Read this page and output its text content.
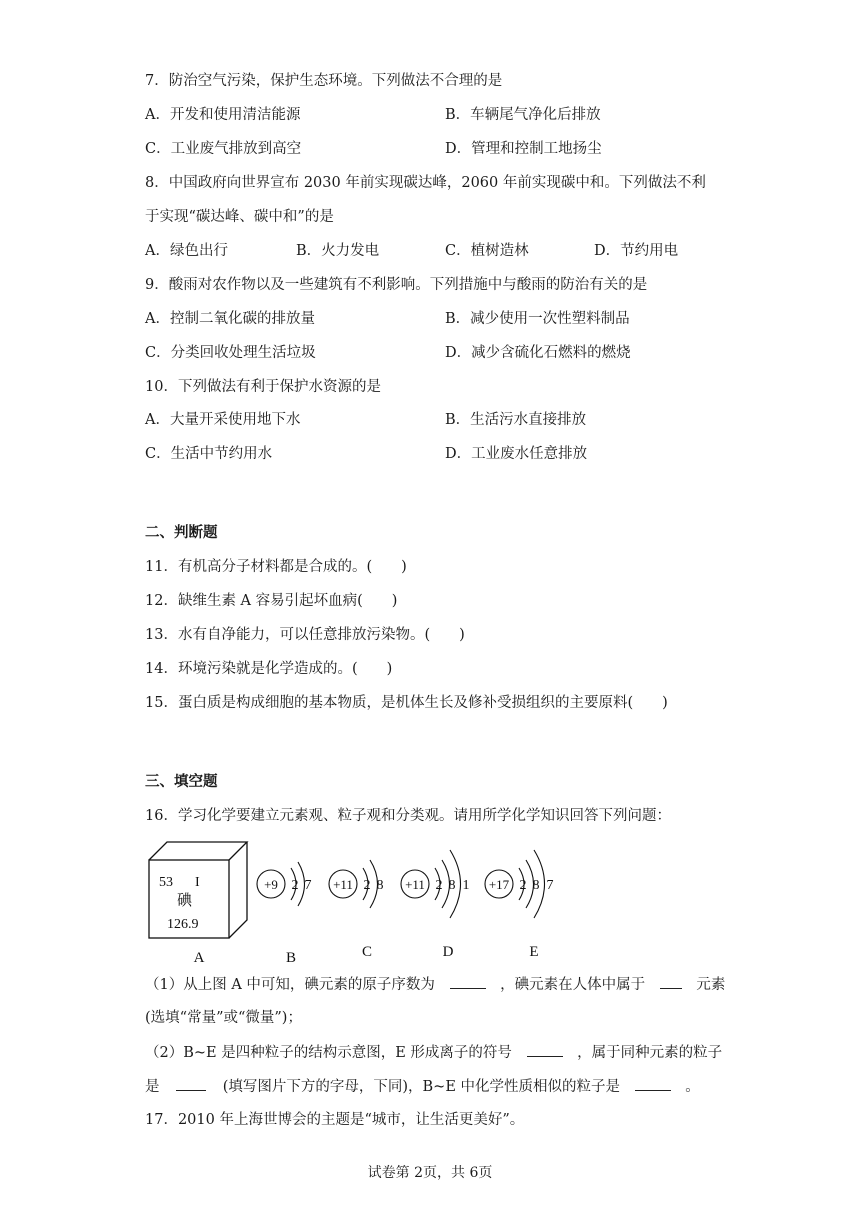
7．防治空气污染，保护生态环境。下列做法不合理的是
A．开发和使用清洁能源	B．车辆尾气净化后排放
C．工业废气排放到高空	D．管理和控制工地扬尘
8．中国政府向世界宣布 2030 年前实现碳达峰，2060 年前实现碳中和。下列做法不利
于实现“碳达峰、碳中和”的是
A．绿色出行	B．火力发电	C．植树造林	D．节约用电
9．酸雨对农作物以及一些建筑有不利影响。下列措施中与酸雨的防治有关的是
A．控制二氧化碳的排放量	B．减少使用一次性塑料制品
C．分类回收处理生活垃圾	D．减少含硫化石燃料的燃烧
10．下列做法有利于保护水资源的是
A．大量开采使用地下水	B．生活污水直接排放
C．生活中节约用水	D．工业废水任意排放
二、判断题
11．有机高分子材料都是合成的。(　　)
12．缺维生素 A 容易引起坏血病(　　)
13．水有自净能力，可以任意排放污染物。(　　)
14．环境污染就是化学造成的。(　　)
15．蛋白质是构成细胞的基本物质，是机体生长及修补受损组织的主要原料(　　)
三、填空题
16．学习化学要建立元素观、粒子观和分类观。请用所学化学知识回答下列问题：
53 I
碘
126.9
+9 2 7 +11 2 8 +11 2 8 1 +17 2 8 7
A	B	C	D	E
（1）从上图 A 中可知，碘元素的原子序数为	，碘元素在人体中属于	元素
(选填“常量”或“微量”)；
（2）B~E 是四种粒子的结构示意图，E 形成离子的符号	，属于同种元素的粒子
是	(填写图片下方的字母，下同)，B~E 中化学性质相似的粒子是	。
17．2010 年上海世博会的主题是“城市，让生活更美好”。
试卷第 2页，共 6页
